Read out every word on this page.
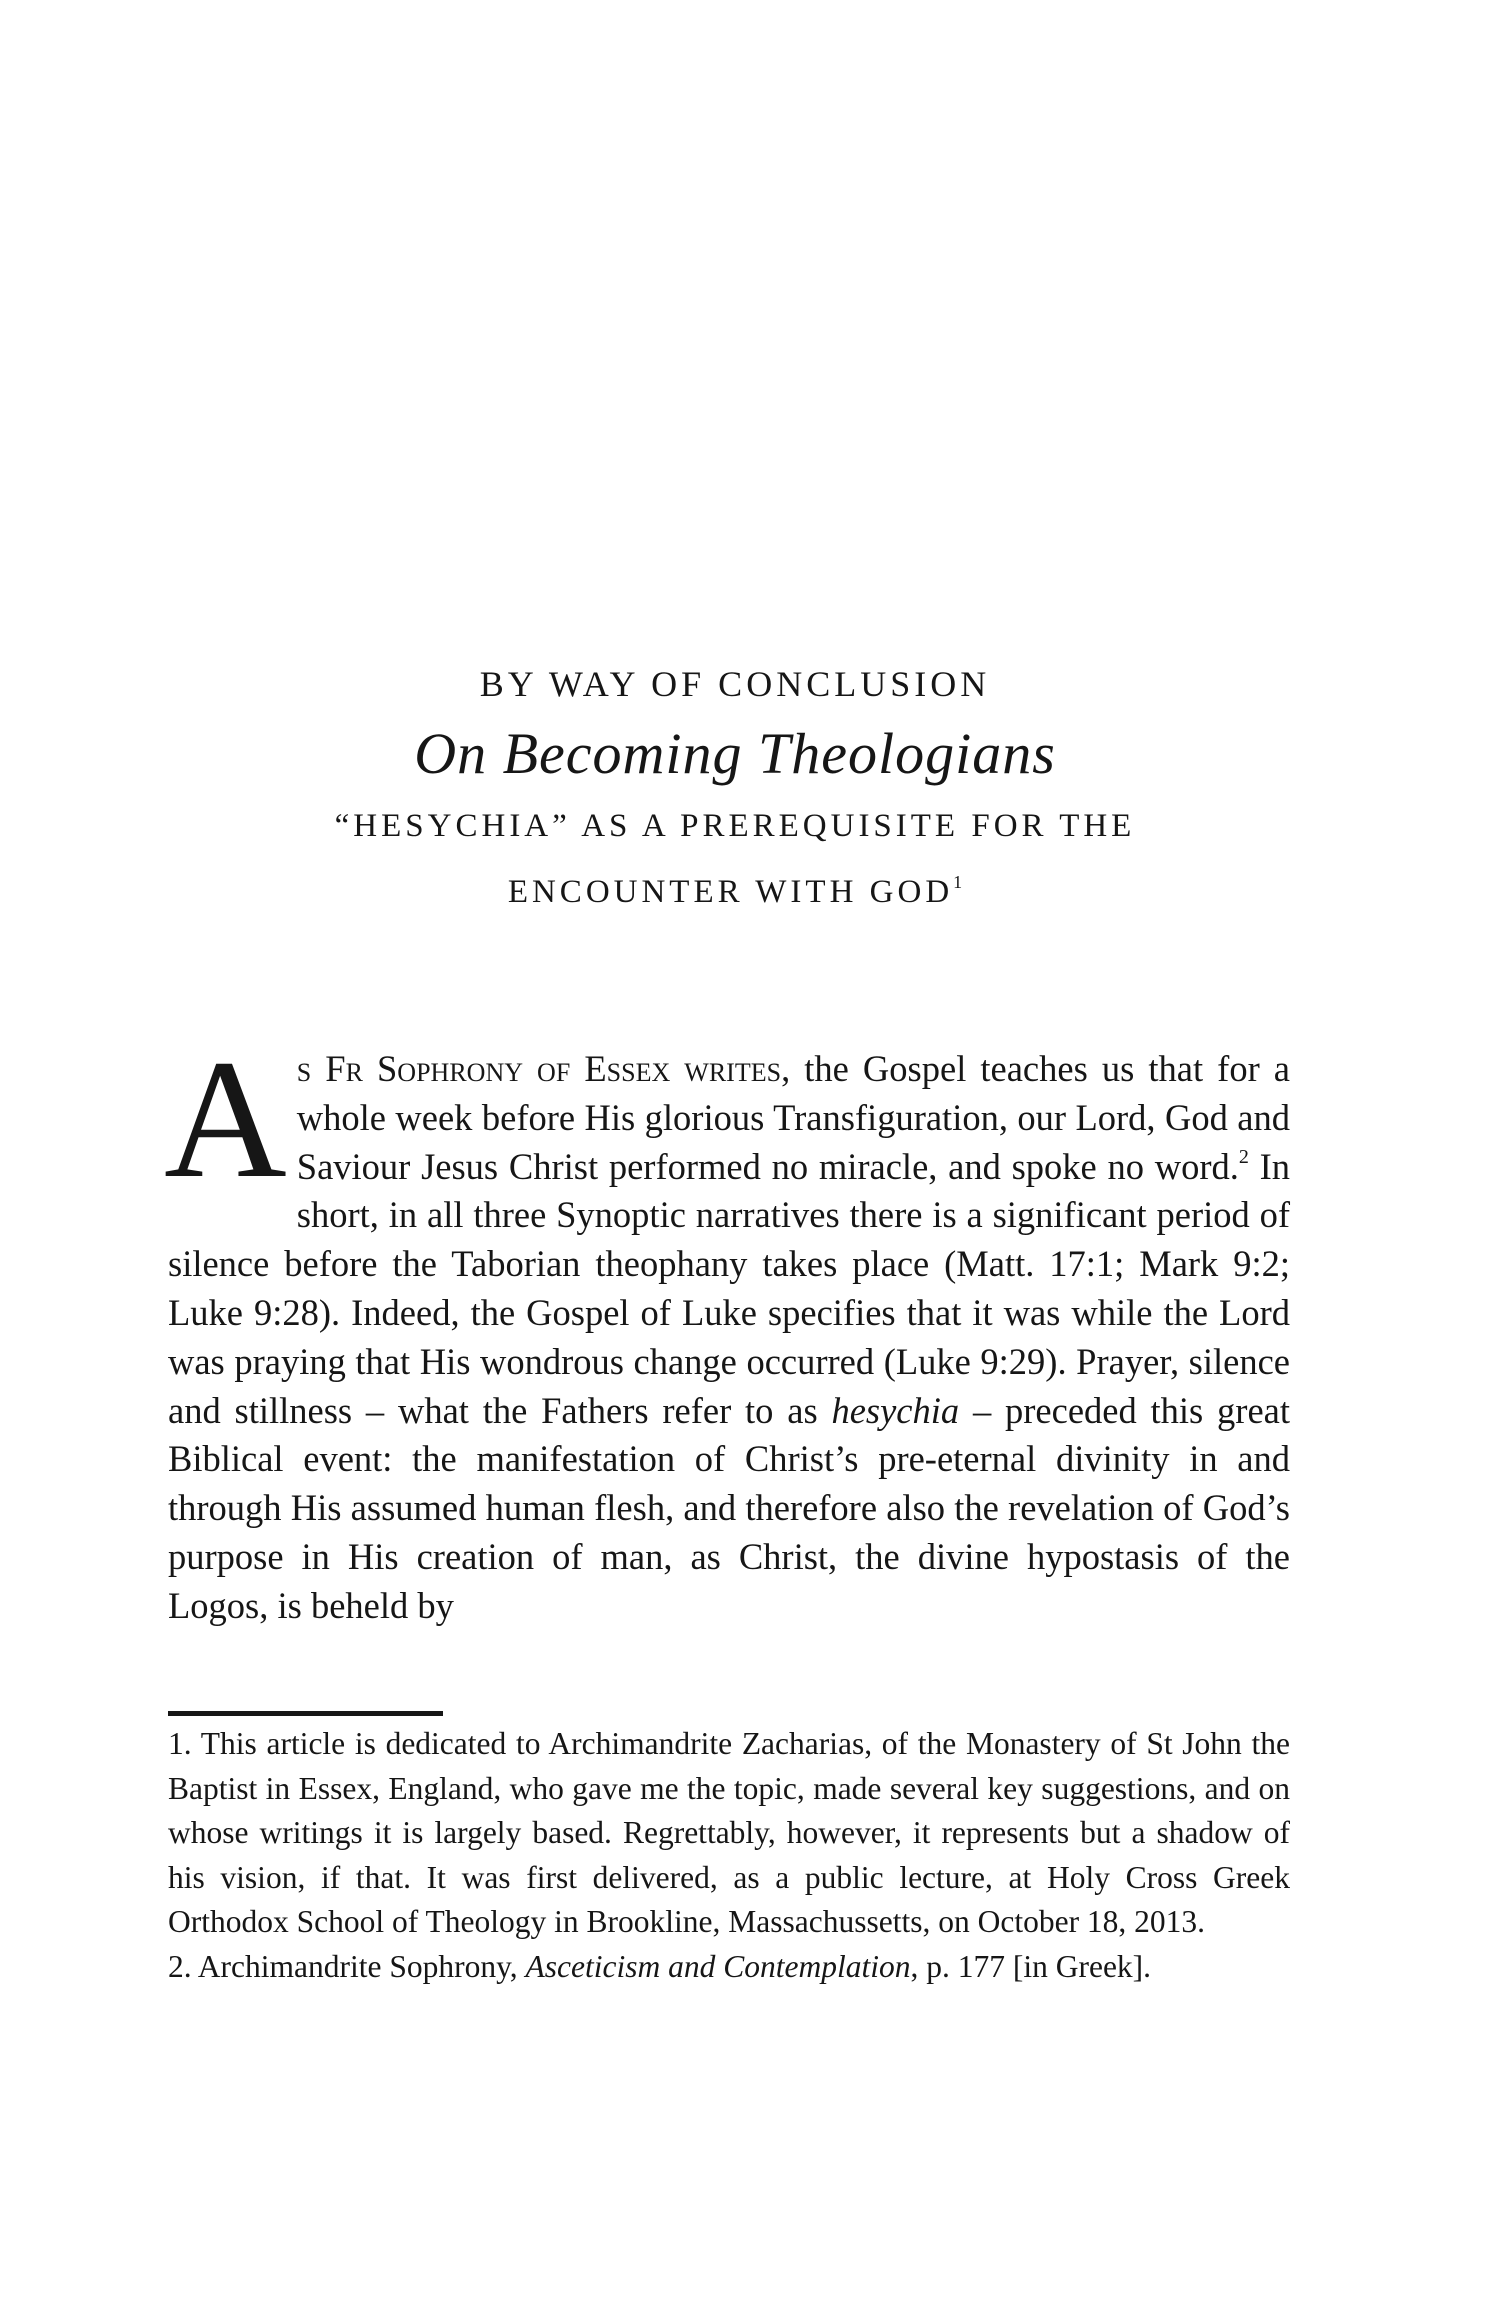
BY WAY OF CONCLUSION
On Becoming Theologians
“HESYCHIA” AS A PREREQUISITE FOR THE
ENCOUNTER WITH GOD$^1$

As Fr Sophrony of Essex writes, the Gospel teaches us that for a whole week before His glorious Transfiguration, our Lord, God and Saviour Jesus Christ performed no miracle, and spoke no word.$^2$ In short, in all three Synoptic narratives there is a significant period of silence before the Taborian theophany takes place (Matt. 17:1; Mark 9:2; Luke 9:28). Indeed, the Gospel of Luke specifies that it was while the Lord was praying that His wondrous change occurred (Luke 9:29). Prayer, silence and stillness – what the Fathers refer to as hesychia – preceded this great Biblical event: the manifestation of Christ’s pre-eternal divinity in and through His assumed human flesh, and therefore also the revelation of God’s purpose in His creation of man, as Christ, the divine hypostasis of the Logos, is beheld by

1. This article is dedicated to Archimandrite Zacharias, of the Monastery of St John the Baptist in Essex, England, who gave me the topic, made several key suggestions, and on whose writings it is largely based. Regrettably, however, it represents but a shadow of his vision, if that. It was first delivered, as a public lecture, at Holy Cross Greek Orthodox School of Theology in Brookline, Massachussetts, on October 18, 2013.

2. Archimandrite Sophrony, Asceticism and Contemplation, p. 177 [in Greek].
